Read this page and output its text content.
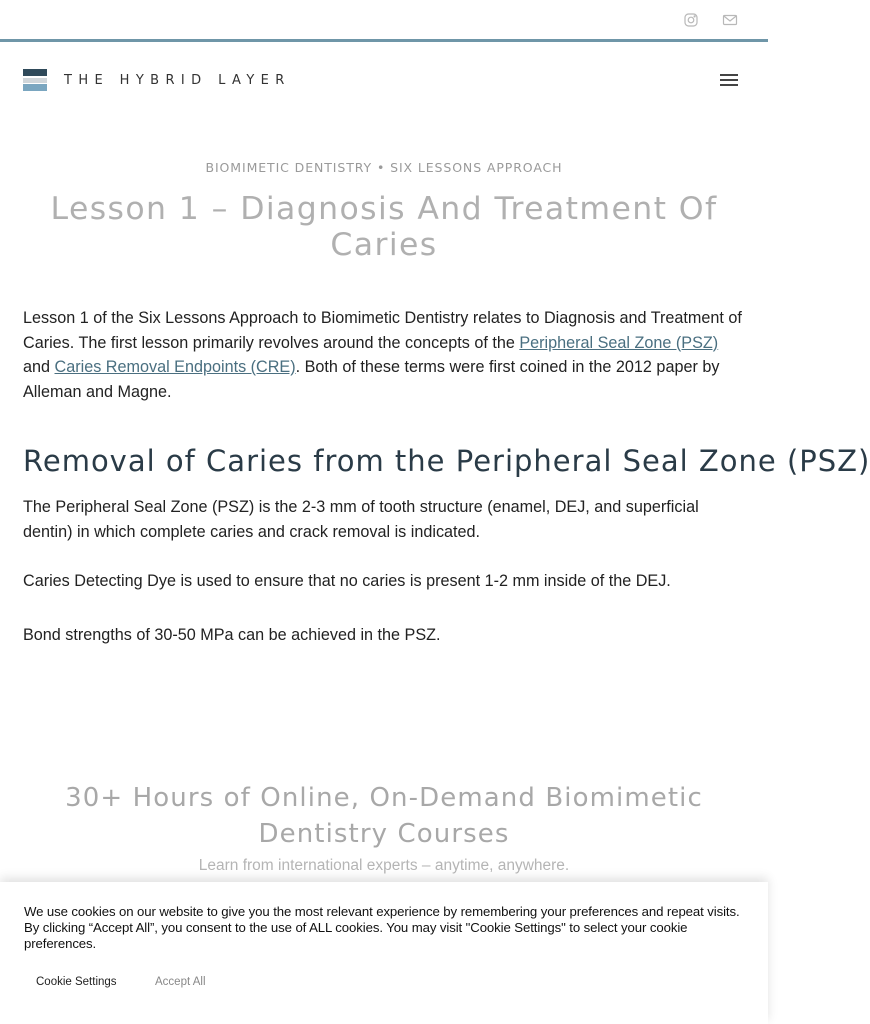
THE HYBRID LAYER
BIOMIMETIC DENTISTRY • SIX LESSONS APPROACH
Lesson 1 – Diagnosis And Treatment Of Caries

Lesson 1 of the Six Lessons Approach to Biomimetic Dentistry relates to Diagnosis and Treatment of Caries. The first lesson primarily revolves around the concepts of the Peripheral Seal Zone (PSZ) and Caries Removal Endpoints (CRE). Both of these terms were first coined in the 2012 paper by Alleman and Magne.

Removal of Caries from the Peripheral Seal Zone (PSZ)

The Peripheral Seal Zone (PSZ) is the 2-3 mm of tooth structure (enamel, DEJ, and superficial dentin) in which complete caries and crack removal is indicated.

Caries Detecting Dye is used to ensure that no caries is present 1-2 mm inside of the DEJ.

Bond strengths of 30-50 MPa can be achieved in the PSZ.

30+ Hours of Online, On-Demand Biomimetic Dentistry Courses
Learn from international experts – anytime, anywhere.

We use cookies on our website to give you the most relevant experience by remembering your preferences and repeat visits. By clicking “Accept All”, you consent to the use of ALL cookies. You may visit "Cookie Settings" to select your cookie preferences.

Cookie Settings	Accept All
